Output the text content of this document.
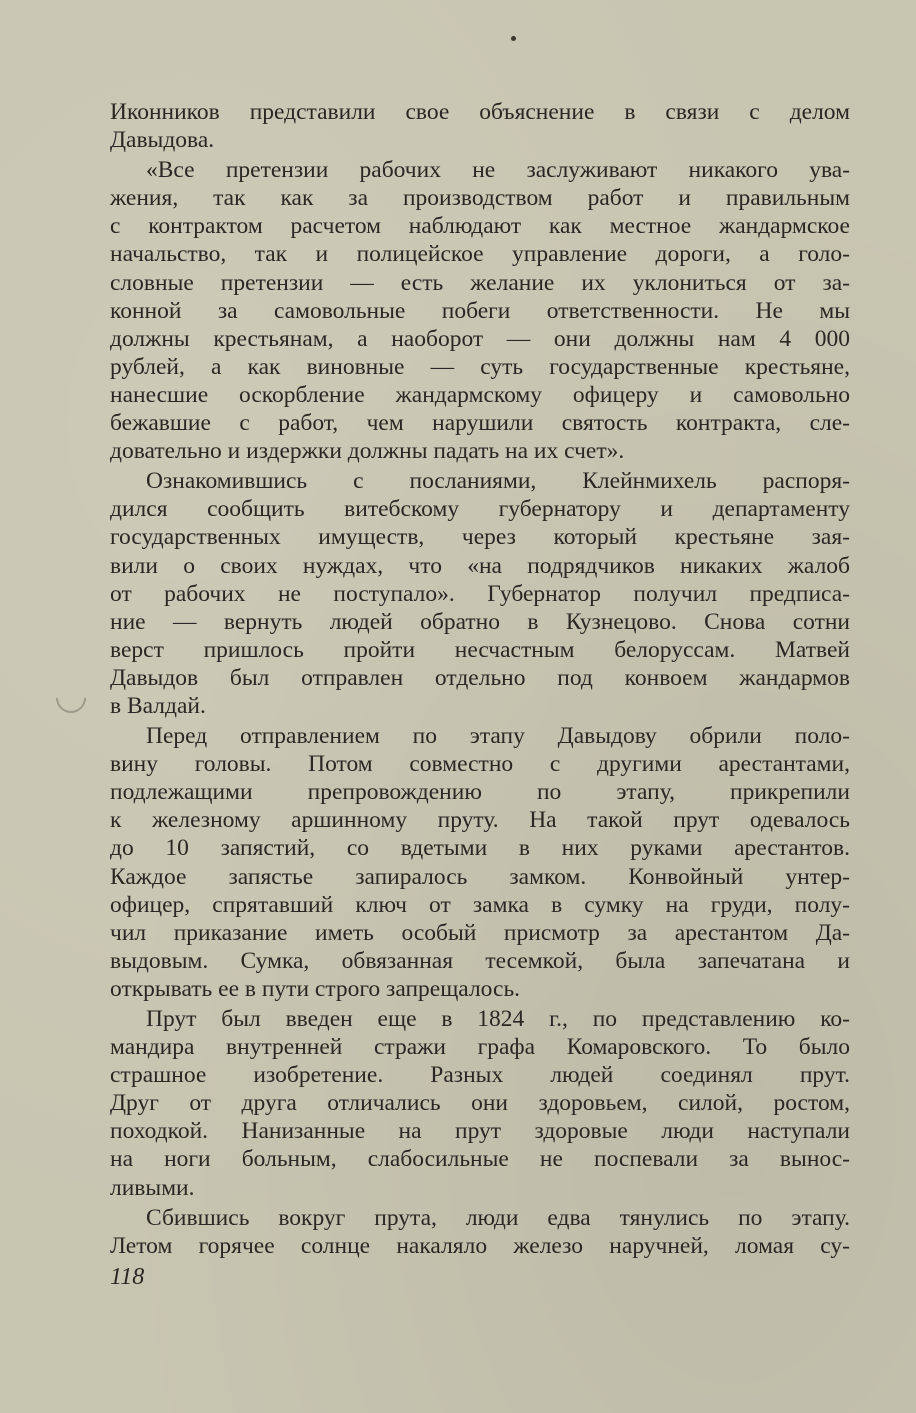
Иконников представили свое объяснение в связи с делом
Давыдова.
«Все претензии рабочих не заслуживают никакого ува-
жения, так как за производством работ и правильным
с контрактом расчетом наблюдают как местное жандармское
начальство, так и полицейское управление дороги, а голо-
словные претензии — есть желание их уклониться от за-
конной за самовольные побеги ответственности. Не мы
должны крестьянам, а наоборот — они должны нам 4 000
рублей, а как виновные — суть государственные крестьяне,
нанесшие оскорбление жандармскому офицеру и самовольно
бежавшие с работ, чем нарушили святость контракта, сле-
довательно и издержки должны падать на их счет».
Ознакомившись с посланиями, Клейнмихель распоря-
дился сообщить витебскому губернатору и департаменту
государственных имуществ, через который крестьяне зая-
вили о своих нуждах, что «на подрядчиков никаких жалоб
от рабочих не поступало». Губернатор получил предписа-
ние — вернуть людей обратно в Кузнецово. Снова сотни
верст пришлось пройти несчастным белоруссам. Матвей
Давыдов был отправлен отдельно под конвоем жандармов
в Валдай.
Перед отправлением по этапу Давыдову обрили поло-
вину головы. Потом совместно с другими арестантами,
подлежащими препровождению по этапу, прикрепили
к железному аршинному пруту. На такой прут одевалось
до 10 запястий, со вдетыми в них руками арестантов.
Каждое запястье запиралось замком. Конвойный унтер-
офицер, спрятавший ключ от замка в сумку на груди, полу-
чил приказание иметь особый присмотр за арестантом Да-
выдовым. Сумка, обвязанная тесемкой, была запечатана и
открывать ее в пути строго запрещалось.
Прут был введен еще в 1824 г., по представлению ко-
мандира внутренней стражи графа Комаровского. То было
страшное изобретение. Разных людей соединял прут.
Друг от друга отличались они здоровьем, силой, ростом,
походкой. Нанизанные на прут здоровые люди наступали
на ноги больным, слабосильные не поспевали за вынос-
ливыми.
Сбившись вокруг прута, люди едва тянулись по этапу.
Летом горячее солнце накаляло железо наручней, ломая су-
118
